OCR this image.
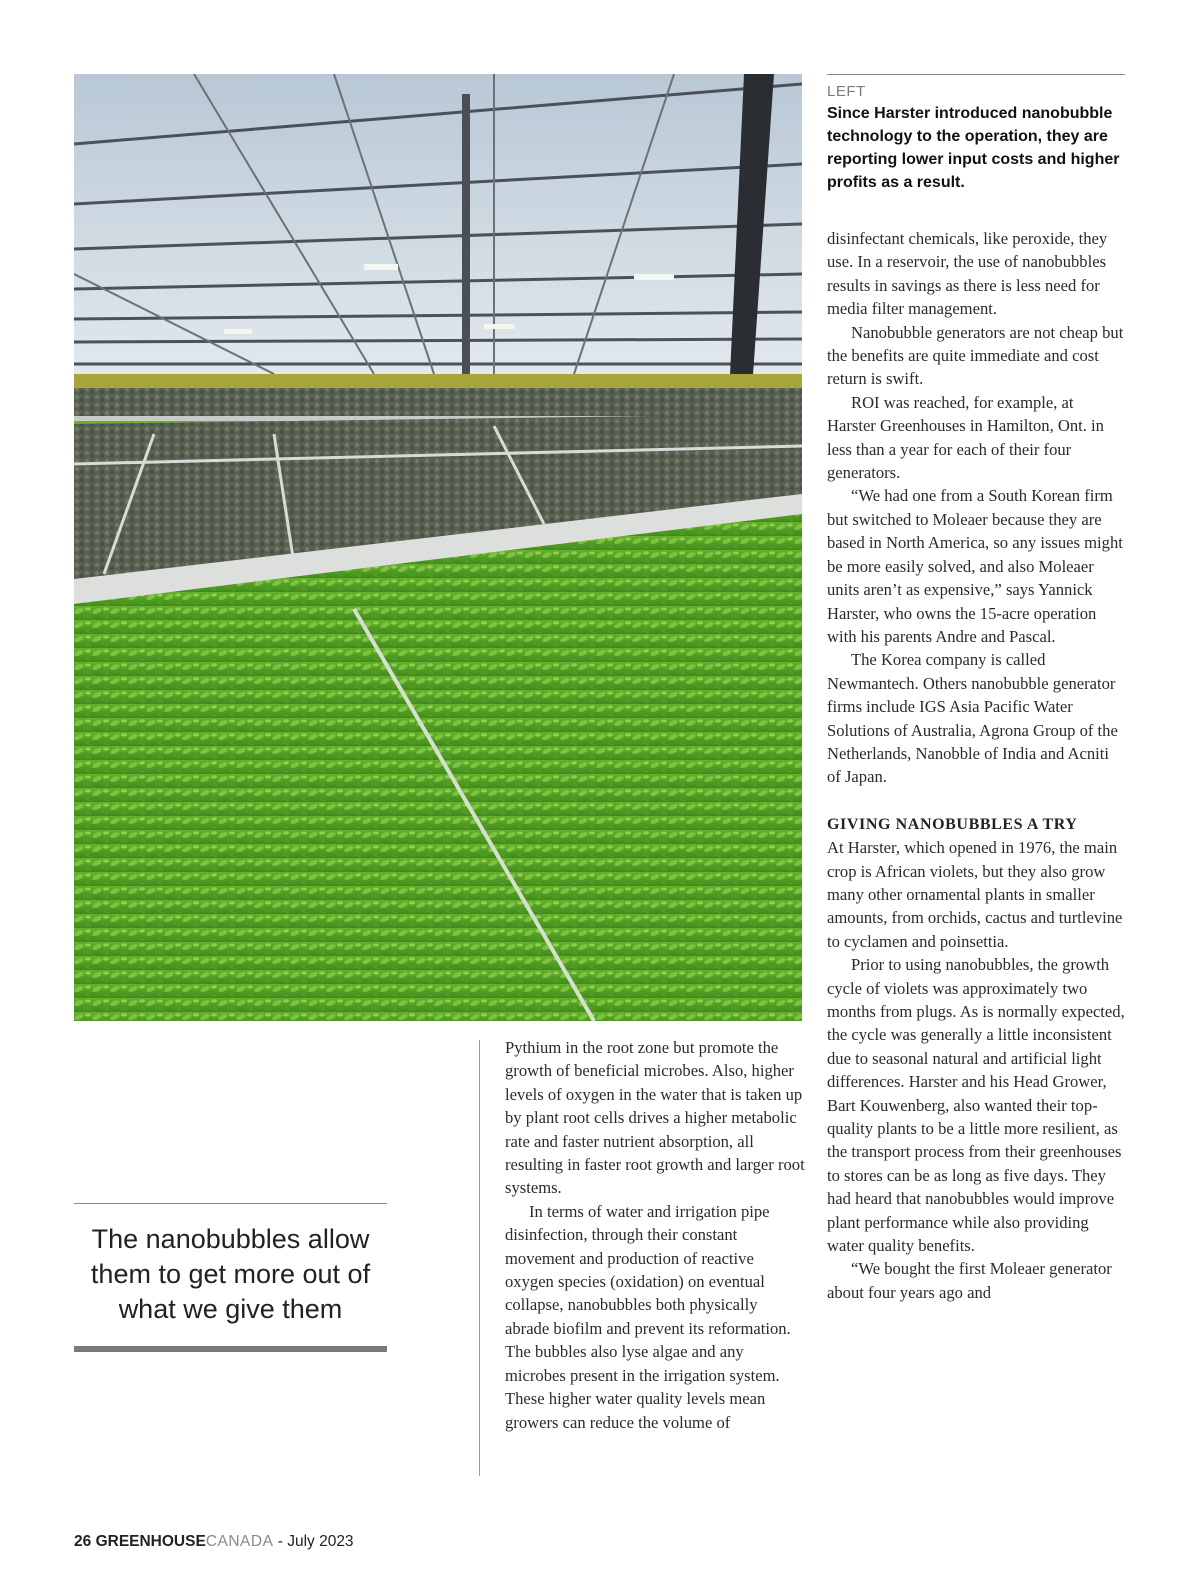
LEFT
Since Harster introduced nanobubble technology to the operation, they are reporting lower input costs and higher profits as a result.

disinfectant chemicals, like peroxide, they use. In a reservoir, the use of nanobubbles results in savings as there is less need for media filter management.

Nanobubble generators are not cheap but the benefits are quite immediate and cost return is swift.

ROI was reached, for example, at Harster Greenhouses in Hamilton, Ont. in less than a year for each of their four generators.

“We had one from a South Korean firm but switched to Moleaer because they are based in North America, so any issues might be more easily solved, and also Moleaer units aren’t as expensive,” says Yannick Harster, who owns the 15-acre operation with his parents Andre and Pascal.

The Korea company is called Newmantech. Others nanobubble generator firms include IGS Asia Pacific Water Solutions of Australia, Agrona Group of the Netherlands, Nanobble of India and Acniti of Japan.

GIVING NANOBUBBLES A TRY

At Harster, which opened in 1976, the main crop is African violets, but they also grow many other ornamental plants in smaller amounts, from orchids, cactus and turtlevine to cyclamen and poinsettia.

Prior to using nanobubbles, the growth cycle of violets was approximately two months from plugs. As is normally expected, the cycle was generally a little inconsistent due to seasonal natural and artificial light differences. Harster and his Head Grower, Bart Kouwenberg, also wanted their top-quality plants to be a little more resilient, as the transport process from their greenhouses to stores can be as long as five days. They had heard that nanobubbles would improve plant performance while also providing water quality benefits.

“We bought the first Moleaer generator about four years ago and

Pythium in the root zone but promote the growth of beneficial microbes. Also, higher levels of oxygen in the water that is taken up by plant root cells drives a higher metabolic rate and faster nutrient absorption, all resulting in faster root growth and larger root systems.

In terms of water and irrigation pipe disinfection, through their constant movement and production of reactive oxygen species (oxidation) on eventual collapse, nanobubbles both physically abrade biofilm and prevent its reformation. The bubbles also lyse algae and any microbes present in the irrigation system. These higher water quality levels mean growers can reduce the volume of

The nanobubbles allow them to get more out of what we give them
26 GREENHOUSECANADA - July 2023
